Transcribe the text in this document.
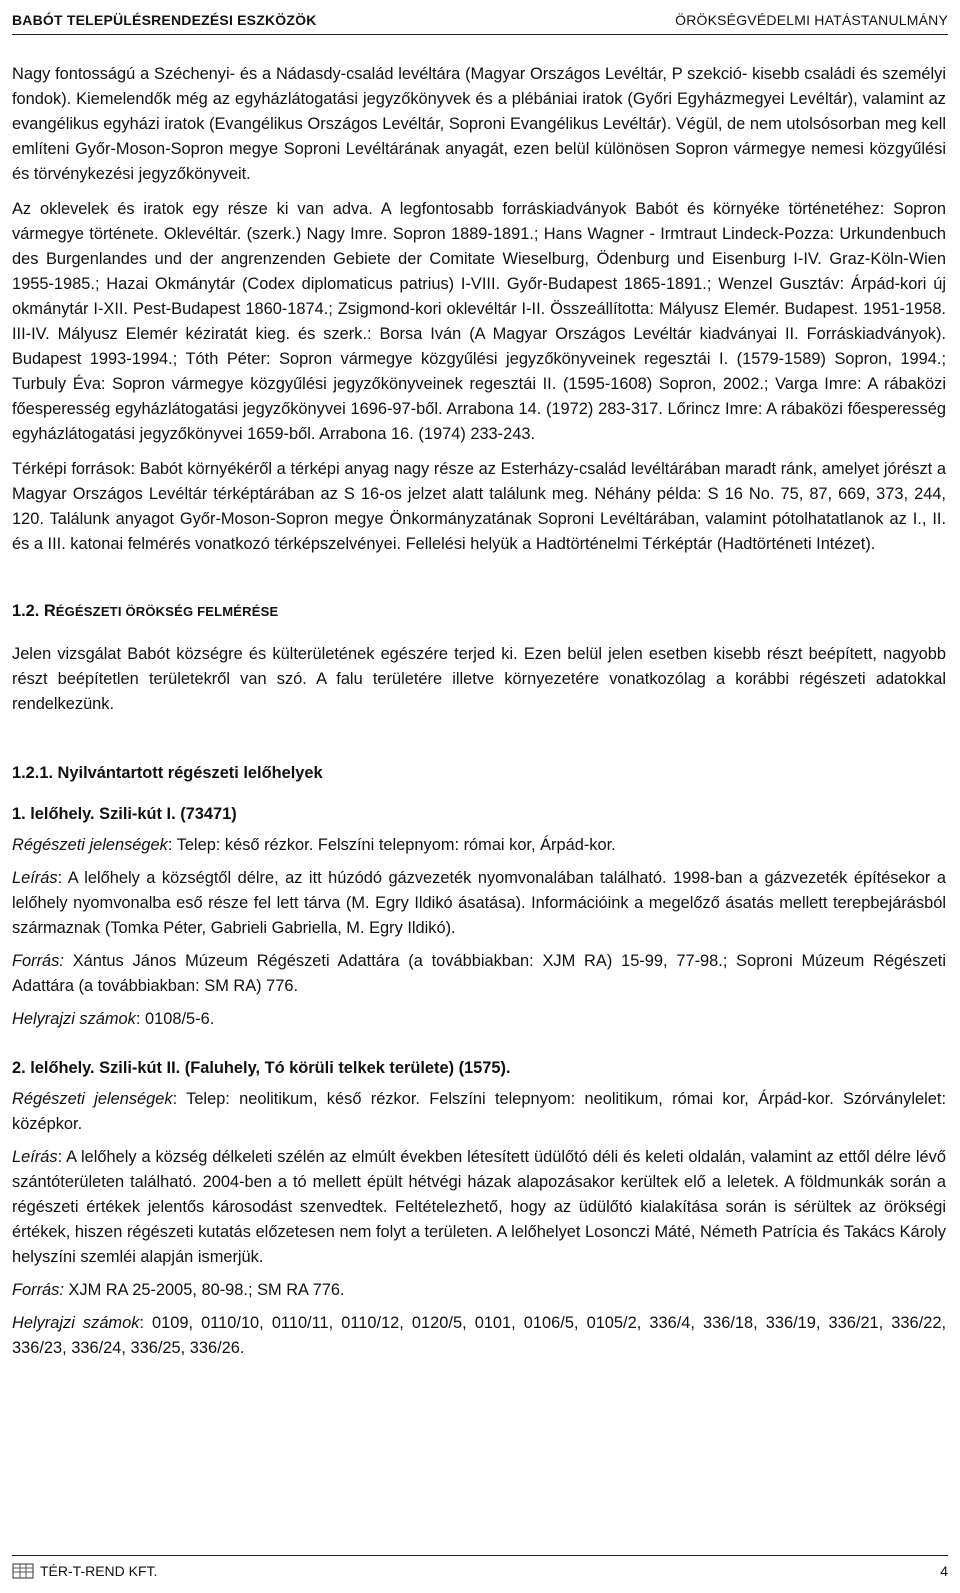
BABÓT TELEPÜLÉSRENDEZÉSI ESZKÖZÖK	ÖRÖKSÉGVÉDELMI HATÁSTANULMÁNY

Nagy fontosságú a Széchenyi- és a Nádasdy-család levéltára (Magyar Országos Levéltár, P szekció- kisebb családi és személyi fondok). Kiemelendők még az egyházlátogatási jegyzőkönyvek és a plébániai iratok (Győri Egyházmegyei Levéltár), valamint az evangélikus egyházi iratok (Evangélikus Országos Levéltár, Soproni Evangélikus Levéltár). Végül, de nem utolsósorban meg kell említeni Győr-Moson-Sopron megye Soproni Levéltárának anyagát, ezen belül különösen Sopron vármegye nemesi közgyűlési és törvénykezési jegyzőkönyveit.

Az oklevelek és iratok egy része ki van adva. A legfontosabb forráskiadványok Babót és környéke történetéhez: Sopron vármegye története. Oklevéltár. (szerk.) Nagy Imre. Sopron 1889-1891.; Hans Wagner - Irmtraut Lindeck-Pozza: Urkundenbuch des Burgenlandes und der angrenzenden Gebiete der Comitate Wieselburg, Ödenburg und Eisenburg I-IV. Graz-Köln-Wien 1955-1985.; Hazai Okmánytár (Codex diplomaticus patrius) I-VIII. Győr-Budapest 1865-1891.; Wenzel Gusztáv: Árpád-kori új okmánytár I-XII. Pest-Budapest 1860-1874.; Zsigmond-kori oklevéltár I-II. Összeállította: Mályusz Elemér. Budapest. 1951-1958. III-IV. Mályusz Elemér kéziratát kieg. és szerk.: Borsa Iván (A Magyar Országos Levéltár kiadványai II. Forráskiadványok). Budapest 1993-1994.; Tóth Péter: Sopron vármegye közgyűlési jegyzőkönyveinek regesztái I. (1579-1589) Sopron, 1994.; Turbuly Éva: Sopron vármegye közgyűlési jegyzőkönyveinek regesztái II. (1595-1608) Sopron, 2002.; Varga Imre: A rábaközi főesperesség egyházlátogatási jegyzőkönyvei 1696-97-ből. Arrabona 14. (1972) 283-317. Lőrincz Imre: A rábaközi főesperesség egyházlátogatási jegyzőkönyvei 1659-ből. Arrabona 16. (1974) 233-243.

Térképi források: Babót környékéről a térképi anyag nagy része az Esterházy-család levéltárában maradt ránk, amelyet jórészt a Magyar Országos Levéltár térképtárában az S 16-os jelzet alatt találunk meg. Néhány példa: S 16 No. 75, 87, 669, 373, 244, 120. Találunk anyagot Győr-Moson-Sopron megye Önkormányzatának Soproni Levéltárában, valamint pótolhatatlanok az I., II. és a III. katonai felmérés vonatkozó térképszelvényei. Fellelési helyük a Hadtörténelmi Térképtár (Hadtörténeti Intézet).

1.2. RÉGÉSZETI ÖRÖKSÉG FELMÉRÉSE

Jelen vizsgálat Babót községre és külterületének egészére terjed ki. Ezen belül jelen esetben kisebb részt beépített, nagyobb részt beépítetlen területekről van szó. A falu területére illetve környezetére vonatkozólag a korábbi régészeti adatokkal rendelkezünk.

1.2.1. Nyilvántartott régészeti lelőhelyek
1. lelőhely. Szili-kút I. (73471)

Régészeti jelenségek: Telep: késő rézkor. Felszíni telepnyom: római kor, Árpád-kor.

Leírás: A lelőhely a községtől délre, az itt húzódó gázvezeték nyomvonalában található. 1998-ban a gázvezeték építésekor a lelőhely nyomvonalba eső része fel lett tárva (M. Egry Ildikó ásatása). Információink a megelőző ásatás mellett terepbejárásból származnak (Tomka Péter, Gabrieli Gabriella, M. Egry Ildikó).

Forrás: Xántus János Múzeum Régészeti Adattára (a továbbiakban: XJM RA) 15-99, 77-98.; Soproni Múzeum Régészeti Adattára (a továbbiakban: SM RA) 776.

Helyrajzi számok: 0108/5-6.

2. lelőhely. Szili-kút II. (Faluhely, Tó körüli telkek területe) (1575).

Régészeti jelenségek: Telep: neolitikum, késő rézkor. Felszíni telepnyom: neolitikum, római kor, Árpád-kor. Szórványlelet: középkor.

Leírás: A lelőhely a község délkeleti szélén az elmúlt években létesített üdülőtó déli és keleti oldalán, valamint az ettől délre lévő szántóterületen található. 2004-ben a tó mellett épült hétvégi házak alapozásakor kerültek elő a leletek. A földmunkák során a régészeti értékek jelentős károsodást szenvedtek. Feltételezhető, hogy az üdülőtó kialakítása során is sérültek az örökségi értékek, hiszen régészeti kutatás előzetesen nem folyt a területen. A lelőhelyet Losonczi Máté, Németh Patrícia és Takács Károly helyszíni szemléi alapján ismerjük.

Forrás: XJM RA 25-2005, 80-98.; SM RA 776.

Helyrajzi számok: 0109, 0110/10, 0110/11, 0110/12, 0120/5, 0101, 0106/5, 0105/2, 336/4, 336/18, 336/19, 336/21, 336/22, 336/23, 336/24, 336/25, 336/26.

TÉR-T-REND KFT.	4
